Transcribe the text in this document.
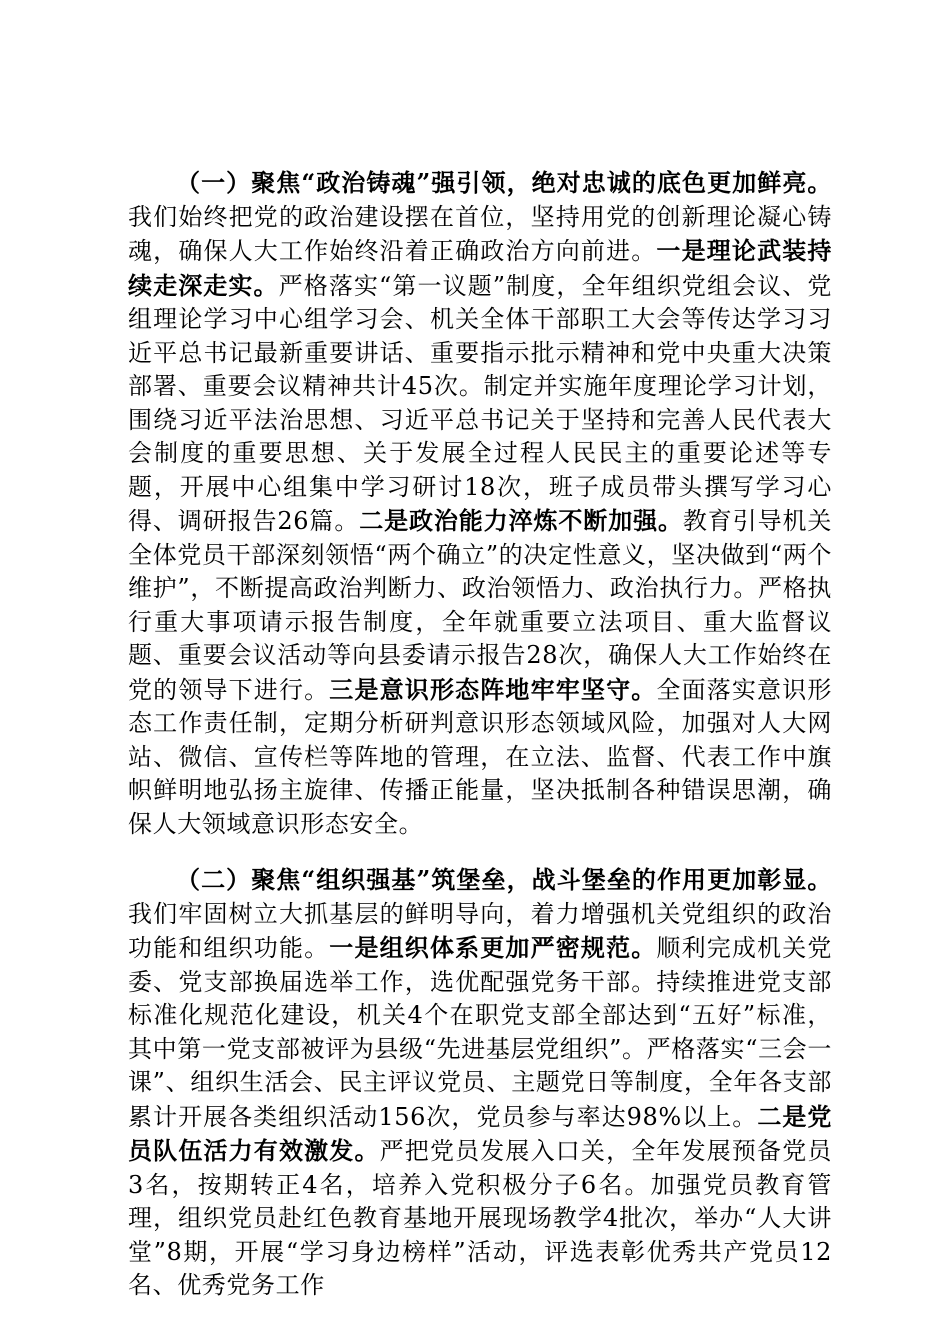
（一）聚焦“政治铸魂”强引领，绝对忠诚的底色更加鲜亮。我们始终把党的政治建设摆在首位，坚持用党的创新理论凝心铸魂，确保人大工作始终沿着正确政治方向前进。一是理论武装持续走深走实。严格落实“第一议题”制度，全年组织党组会议、党组理论学习中心组学习会、机关全体干部职工大会等传达学习习近平总书记最新重要讲话、重要指示批示精神和党中央重大决策部署、重要会议精神共计45次。制定并实施年度理论学习计划，围绕习近平法治思想、习近平总书记关于坚持和完善人民代表大会制度的重要思想、关于发展全过程人民民主的重要论述等专题，开展中心组集中学习研讨18次，班子成员带头撰写学习心得、调研报告26篇。二是政治能力淬炼不断加强。教育引导机关全体党员干部深刻领悟“两个确立”的决定性意义，坚决做到“两个维护”，不断提高政治判断力、政治领悟力、政治执行力。严格执行重大事项请示报告制度，全年就重要立法项目、重大监督议题、重要会议活动等向县委请示报告28次，确保人大工作始终在党的领导下进行。三是意识形态阵地牢牢坚守。全面落实意识形态工作责任制，定期分析研判意识形态领域风险，加强对人大网站、微信、宣传栏等阵地的管理，在立法、监督、代表工作中旗帜鲜明地弘扬主旋律、传播正能量，坚决抵制各种错误思潮，确保人大领域意识形态安全。

（二）聚焦“组织强基”筑堡垒，战斗堡垒的作用更加彰显。我们牢固树立大抓基层的鲜明导向，着力增强机关党组织的政治功能和组织功能。一是组织体系更加严密规范。顺利完成机关党委、党支部换届选举工作，选优配强党务干部。持续推进党支部标准化规范化建设，机关4个在职党支部全部达到“五好”标准，其中第一党支部被评为县级“先进基层党组织”。严格落实“三会一课”、组织生活会、民主评议党员、主题党日等制度，全年各支部累计开展各类组织活动156次，党员参与率达98%以上。二是党员队伍活力有效激发。严把党员发展入口关，全年发展预备党员3名，按期转正4名，培养入党积极分子6名。加强党员教育管理，组织党员赴红色教育基地开展现场教学4批次，举办“人大讲堂”8期，开展“学习身边榜样”活动，评选表彰优秀共产党员12名、优秀党务工作
